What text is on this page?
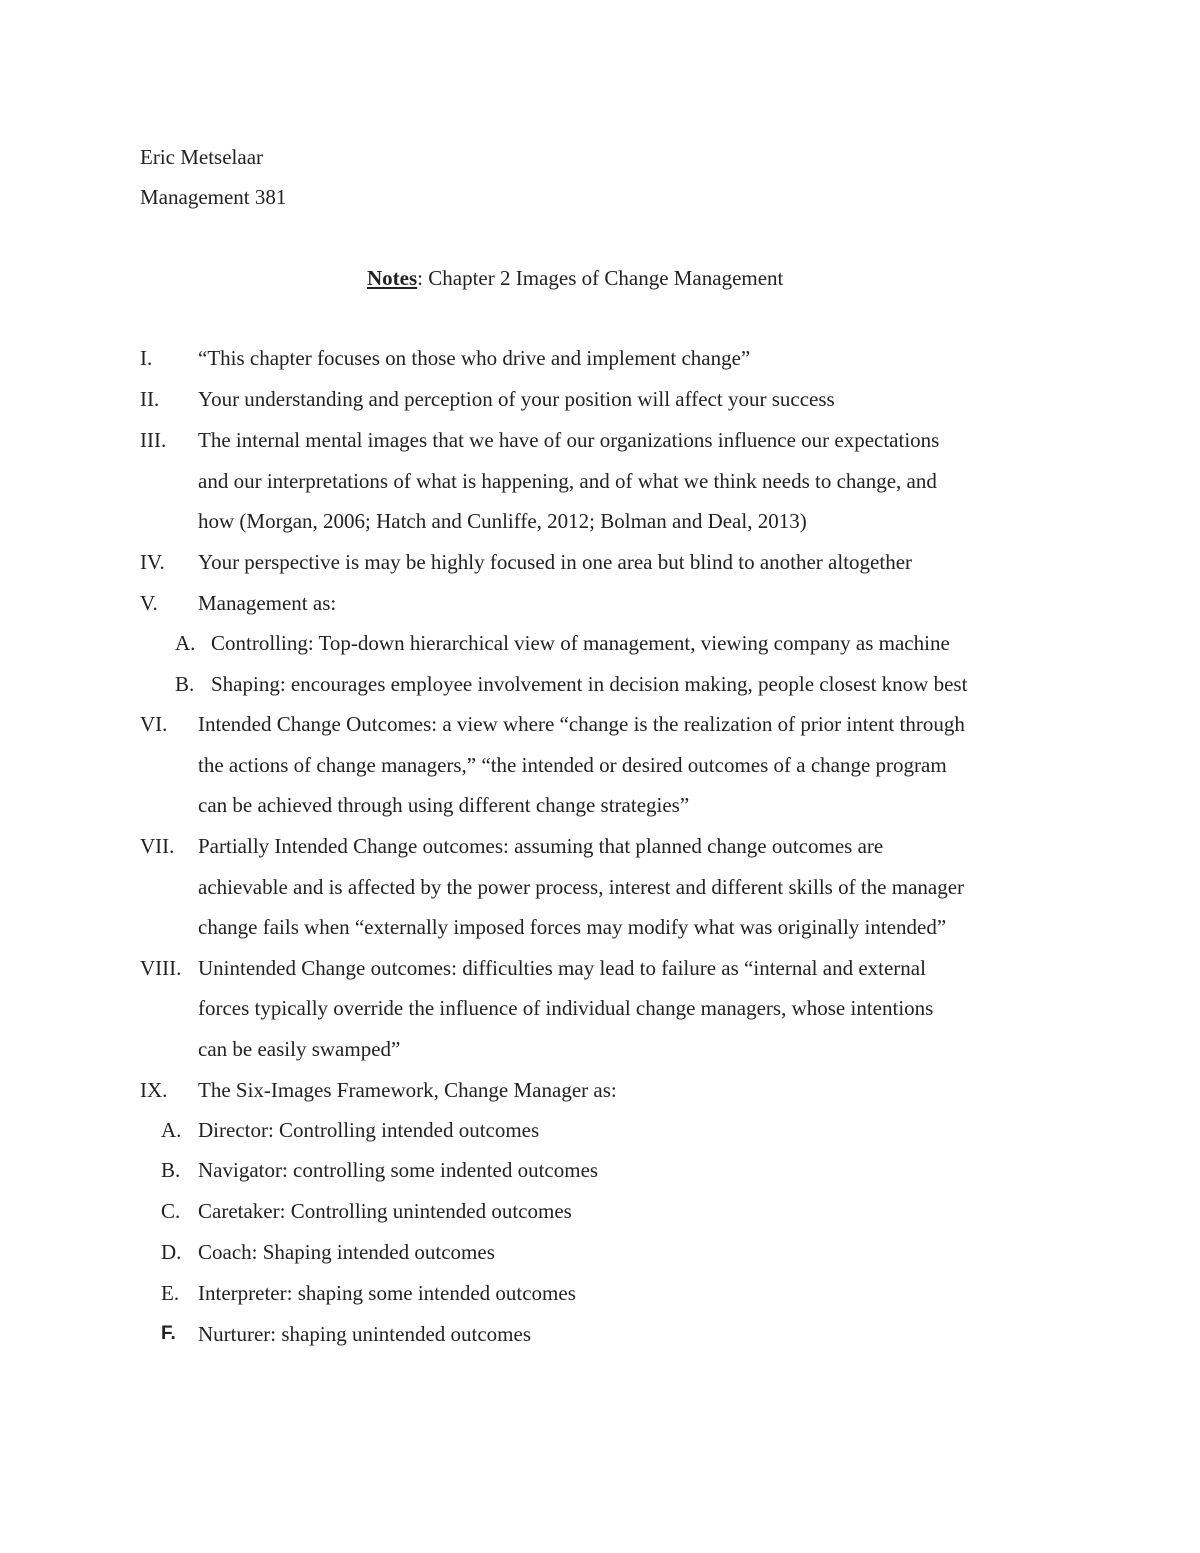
Eric Metselaar
Management 381
Notes: Chapter 2 Images of Change Management
I. “This chapter focuses on those who drive and implement change”
II. Your understanding and perception of your position will affect your success
III. The internal mental images that we have of our organizations influence our expectations
and our interpretations of what is happening, and of what we think needs to change, and
how (Morgan, 2006; Hatch and Cunliffe, 2012; Bolman and Deal, 2013)
IV. Your perspective is may be highly focused in one area but blind to another altogether
V. Management as:
A. Controlling: Top-down hierarchical view of management, viewing company as machine
B. Shaping: encourages employee involvement in decision making, people closest know best
VI. Intended Change Outcomes: a view where “change is the realization of prior intent through
the actions of change managers,” “the intended or desired outcomes of a change program
can be achieved through using different change strategies”
VII. Partially Intended Change outcomes: assuming that planned change outcomes are
achievable and is affected by the power process, interest and different skills of the manager
change fails when “externally imposed forces may modify what was originally intended”
VIII. Unintended Change outcomes: difficulties may lead to failure as “internal and external
forces typically override the influence of individual change managers, whose intentions
can be easily swamped”
IX. The Six-Images Framework, Change Manager as:
A. Director: Controlling intended outcomes
B. Navigator: controlling some indented outcomes
C. Caretaker: Controlling unintended outcomes
D. Coach: Shaping intended outcomes
E. Interpreter: shaping some intended outcomes
F. Nurturer: shaping unintended outcomes
